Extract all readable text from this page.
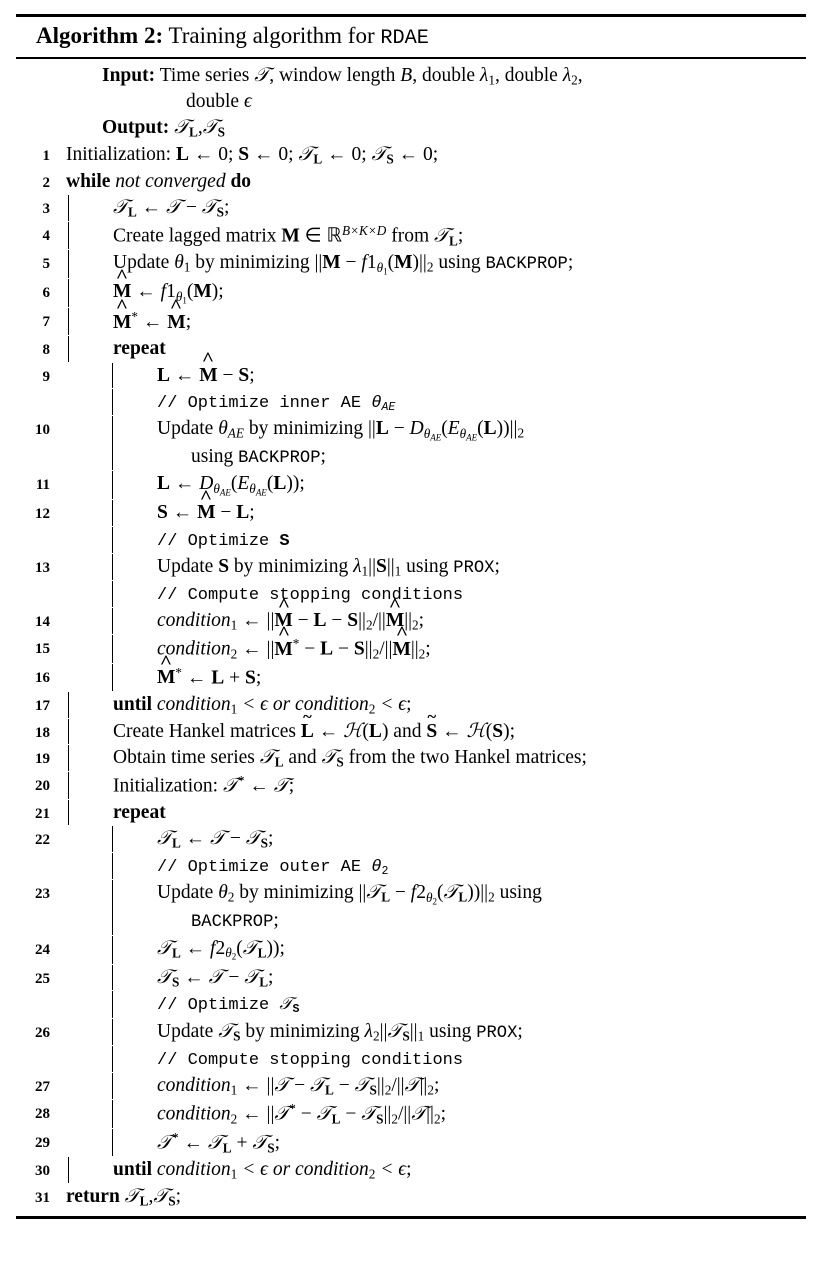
Algorithm 2: Training algorithm for RDAE
Input: Time series 𝒯, window length B, double $\lambda_1$, double $\lambda_2$,
double ϵ
Output: 𝒯$_L$,𝒯$_S$
1 Initialization: L ← 0; S ← 0; 𝒯$_L$ ← 0; 𝒯$_S$ ← 0;
2 while not converged do
3	𝒯$_L$ ← 𝒯 − 𝒯$_S$;
4	Create lagged matrix M ∈ ℝ$^{B\times K\times D}$ from 𝒯$_L$;
5	Update $\theta_1$ by minimizing $||M - f1_{\theta_1}(M)||_2$ using BACKPROP;
6	^ M ← $f1_{\theta_1}(M)$;
7	^ M* ← ^ M;
8	repeat
9	L ← ^ M − S;
// Optimize inner AE $\theta_{AE}$
10	Update $\theta_{AE}$ by minimizing $||L - D_{\theta_{AE}}(E_{\theta_{AE}}(L))||_2$
using BACKPROP;
11	L ← $D_{\theta_{AE}}(E_{\theta_{AE}}(L))$;
12	S ← ^ M − L;
// Optimize S
13	Update S by minimizing $\lambda_1||S||_1$ using PROX;
// Compute stopping conditions
14	condition$_1$ ← ||^ $M - L - S||_2/||\^{}$ $M||_2$;
15	condition$_2$ ← ||^ $M^* - L - S||_2/||\^{}$ $M||_2$;
16	^ M* ← L + S;
17	until condition$_1$ < ϵ or condition$_2$ < ϵ;
18	Create Hankel matrices ~ L ← ℋ(L) and ~ S ← ℋ(S);
19	Obtain time series 𝒯$_L$ and 𝒯$_S$ from the two Hankel matrices;
20	Initialization: 𝒯* ← 𝒯;
21	repeat
22	𝒯$_L$ ← 𝒯 − 𝒯$_S$;
// Optimize outer AE $\theta_2$
23	Update $\theta_2$ by minimizing ||𝒯$_L$ − $f2_{\theta_2}(𝒯_L))||_2$ using
BACKPROP;
24	𝒯$_L$ ← $f2_{\theta_2}(𝒯_L)$);
25	𝒯$_S$ ← 𝒯 − 𝒯$_L$;
// Optimize 𝒯$_S$
26	Update 𝒯$_S$ by minimizing $\lambda_2||𝒯_S||_1$ using PROX;
// Compute stopping conditions
27	condition$_1$ ← ||𝒯 − 𝒯$_L$ − $𝒯_S||_2/||𝒯||_2$;
28	condition$_2$ ← ||𝒯* − 𝒯$_L$ − $𝒯_S||_2/||𝒯||_2$;
29	𝒯* ← 𝒯$_L$ + 𝒯$_S$;
30	until condition$_1$ < ϵ or condition$_2$ < ϵ;
31 return 𝒯$_L$,𝒯$_S$;
